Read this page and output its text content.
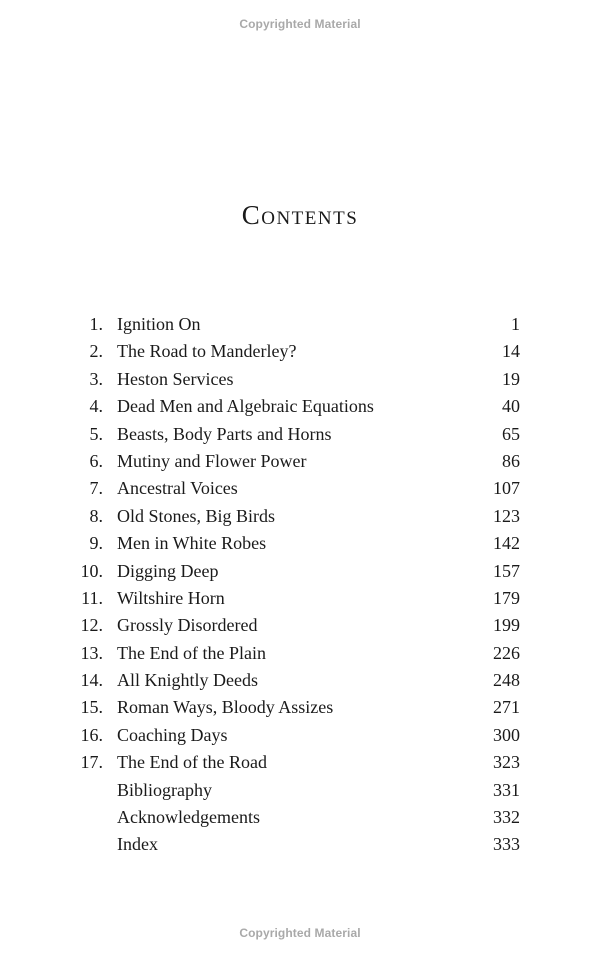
Copyrighted Material
Contents
1. Ignition On	1
2. The Road to Manderley?	14
3. Heston Services	19
4. Dead Men and Algebraic Equations	40
5. Beasts, Body Parts and Horns	65
6. Mutiny and Flower Power	86
7. Ancestral Voices	107
8. Old Stones, Big Birds	123
9. Men in White Robes	142
10. Digging Deep	157
11. Wiltshire Horn	179
12. Grossly Disordered	199
13. The End of the Plain	226
14. All Knightly Deeds	248
15. Roman Ways, Bloody Assizes	271
16. Coaching Days	300
17. The End of the Road	323
Bibliography	331
Acknowledgements	332
Index	333
Copyrighted Material
